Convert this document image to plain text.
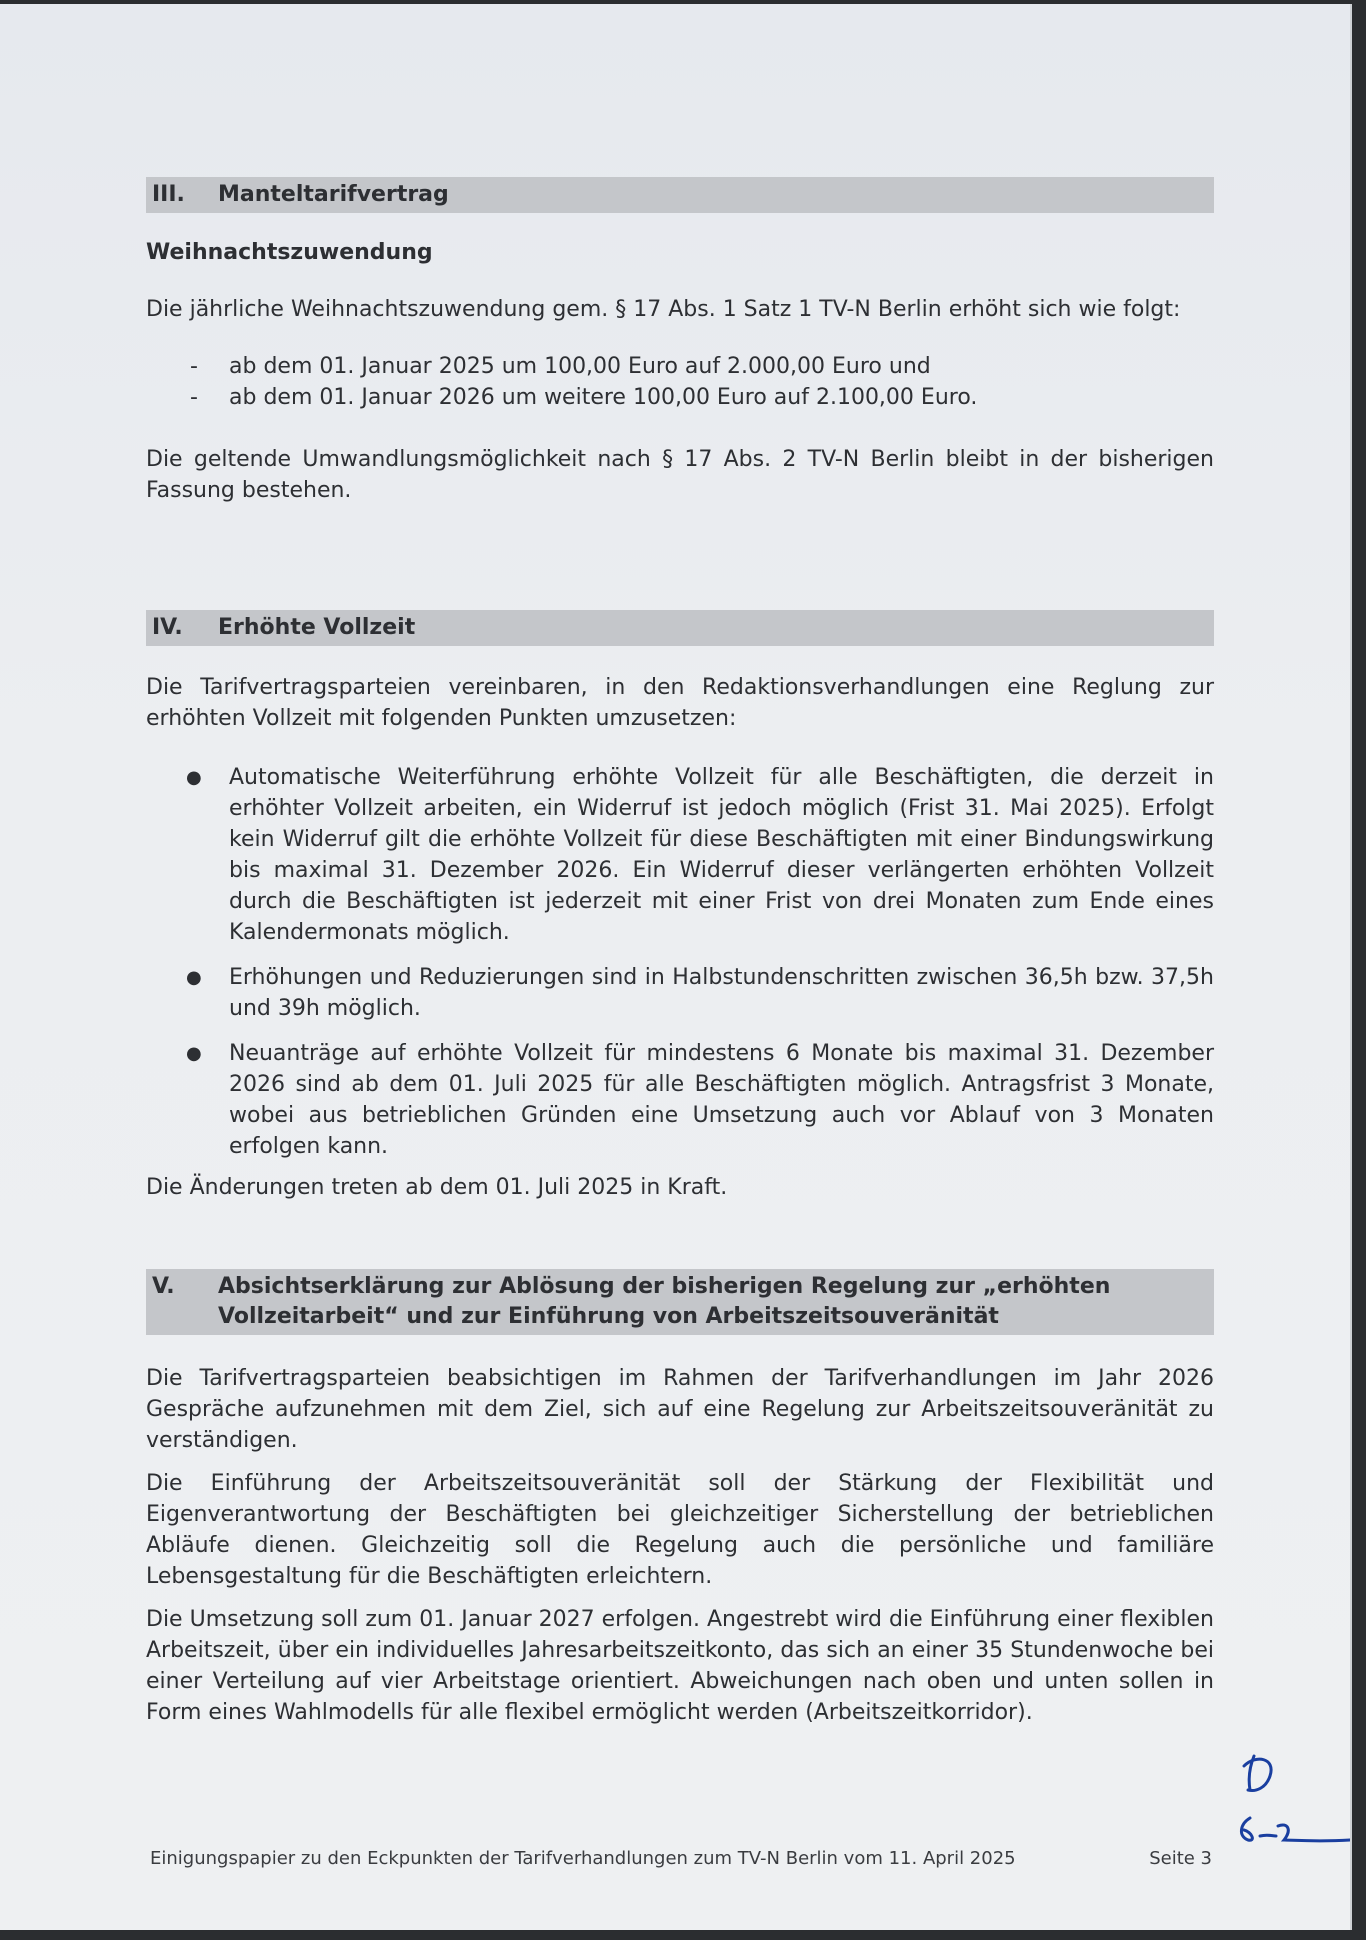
III. Manteltarifvertrag

Weihnachtszuwendung

Die jährliche Weihnachtszuwendung gem. § 17 Abs. 1 Satz 1 TV-N Berlin erhöht sich wie folgt:

- ab dem 01. Januar 2025 um 100,00 Euro auf 2.000,00 Euro und
- ab dem 01. Januar 2026 um weitere 100,00 Euro auf 2.100,00 Euro.

Die geltende Umwandlungsmöglichkeit nach § 17 Abs. 2 TV-N Berlin bleibt in der bisherigen Fassung bestehen.

IV. Erhöhte Vollzeit

Die Tarifvertragsparteien vereinbaren, in den Redaktionsverhandlungen eine Reglung zur erhöhten Vollzeit mit folgenden Punkten umzusetzen:

● Automatische Weiterführung erhöhte Vollzeit für alle Beschäftigten, die derzeit in erhöhter Vollzeit arbeiten, ein Widerruf ist jedoch möglich (Frist 31. Mai 2025). Erfolgt kein Widerruf gilt die erhöhte Vollzeit für diese Beschäftigten mit einer Bindungswirkung bis maximal 31. Dezember 2026. Ein Widerruf dieser verlängerten erhöhten Vollzeit durch die Beschäftigten ist jederzeit mit einer Frist von drei Monaten zum Ende eines Kalendermonats möglich.
● Erhöhungen und Reduzierungen sind in Halbstundenschritten zwischen 36,5h bzw. 37,5h und 39h möglich.
● Neuanträge auf erhöhte Vollzeit für mindestens 6 Monate bis maximal 31. Dezember 2026 sind ab dem 01. Juli 2025 für alle Beschäftigten möglich. Antragsfrist 3 Monate, wobei aus betrieblichen Gründen eine Umsetzung auch vor Ablauf von 3 Monaten erfolgen kann.

Die Änderungen treten ab dem 01. Juli 2025 in Kraft.

V.	Absichtserklärung zur Ablösung der bisherigen Regelung zur „erhöhten Vollzeitarbeit“ und zur Einführung von Arbeitszeitsouveränität

Die Tarifvertragsparteien beabsichtigen im Rahmen der Tarifverhandlungen im Jahr 2026 Gespräche aufzunehmen mit dem Ziel, sich auf eine Regelung zur Arbeitszeitsouveränität zu verständigen.

Die Einführung der Arbeitszeitsouveränität soll der Stärkung der Flexibilität und Eigenverantwortung der Beschäftigten bei gleichzeitiger Sicherstellung der betrieblichen Abläufe dienen. Gleichzeitig soll die Regelung auch die persönliche und familiäre Lebensgestaltung für die Beschäftigten erleichtern.

Die Umsetzung soll zum 01. Januar 2027 erfolgen. Angestrebt wird die Einführung einer flexiblen Arbeitszeit, über ein individuelles Jahresarbeitszeitkonto, das sich an einer 35 Stundenwoche bei einer Verteilung auf vier Arbeitstage orientiert. Abweichungen nach oben und unten sollen in Form eines Wahlmodells für alle flexibel ermöglicht werden (Arbeitszeitkorridor).

Einigungspapier zu den Eckpunkten der Tarifverhandlungen zum TV-N Berlin vom 11. April 2025	Seite 3
